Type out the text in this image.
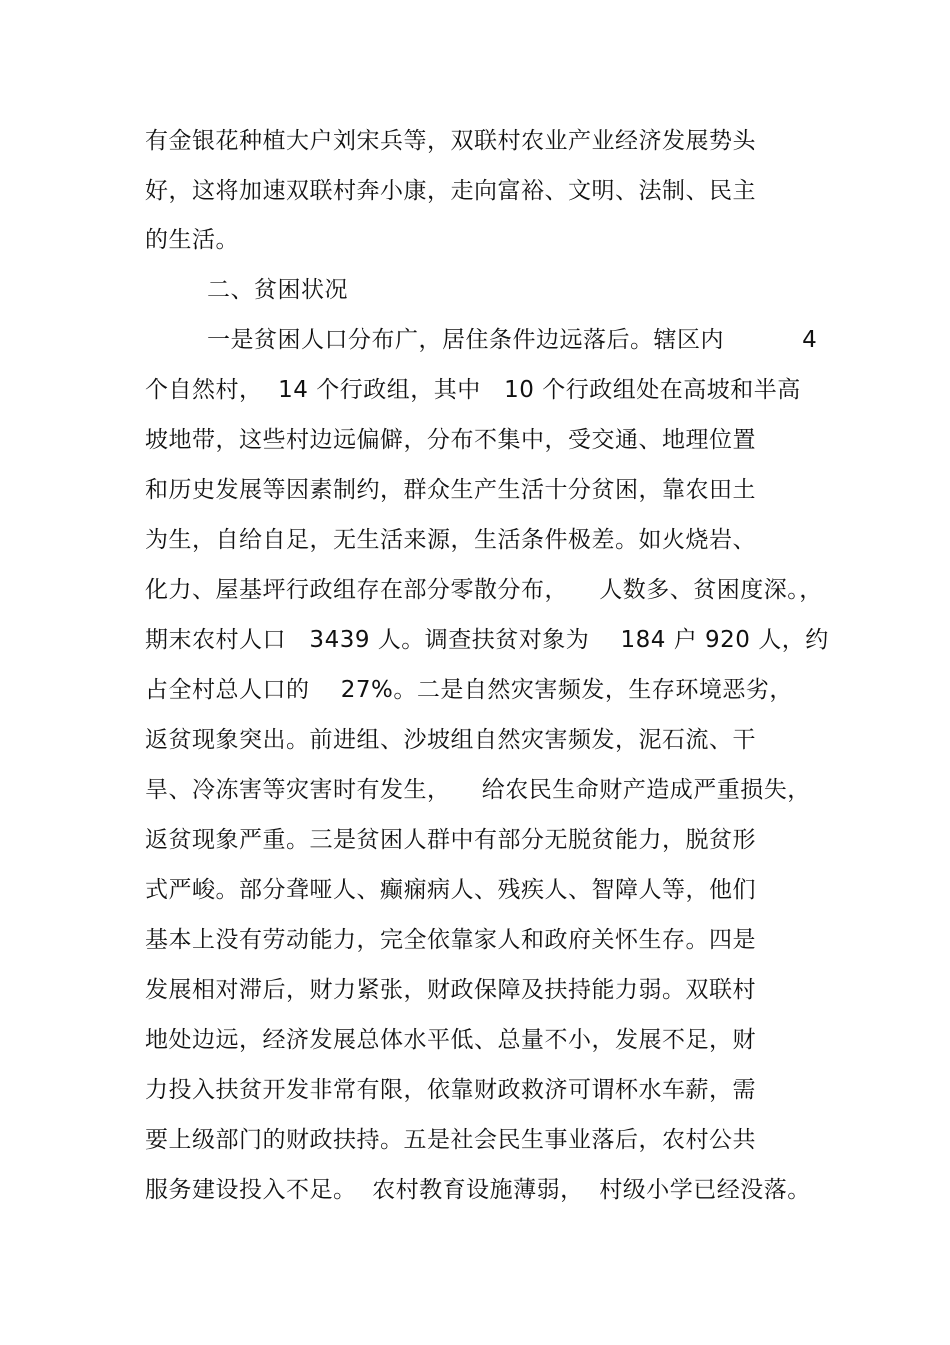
有金银花种植大户刘宋兵等，双联村农业产业经济发展势头
好，这将加速双联村奔小康，走向富裕、文明、法制、民主
的生活。
二、贫困状况
一是贫困人口分布广，居住条件边远落后。辖区内          4
个自然村，  14 个行政组，其中   10 个行政组处在高坡和半高
坡地带，这些村边远偏僻，分布不集中，受交通、地理位置
和历史发展等因素制约，群众生产生活十分贫困，靠农田土
为生，自给自足，无生活来源，生活条件极差。如火烧岩、
化力、屋基坪行政组存在部分零散分布，    人数多、贫困度深。，
期末农村人口   3439 人。调查扶贫对象为    184 户 920 人，约
占全村总人口的    27%。二是自然灾害频发，生存环境恶劣，
返贫现象突出。前进组、沙坡组自然灾害频发，泥石流、干
旱、冷冻害等灾害时有发生，    给农民生命财产造成严重损失，
返贫现象严重。三是贫困人群中有部分无脱贫能力，脱贫形
式严峻。部分聋哑人、癫痫病人、残疾人、智障人等，他们
基本上没有劳动能力，完全依靠家人和政府关怀生存。四是
发展相对滞后，财力紧张，财政保障及扶持能力弱。双联村
地处边远，经济发展总体水平低、总量不小，发展不足，财
力投入扶贫开发非常有限，依靠财政救济可谓杯水车薪，需
要上级部门的财政扶持。五是社会民生事业落后，农村公共
服务建设投入不足。  农村教育设施薄弱，  村级小学已经没落。
